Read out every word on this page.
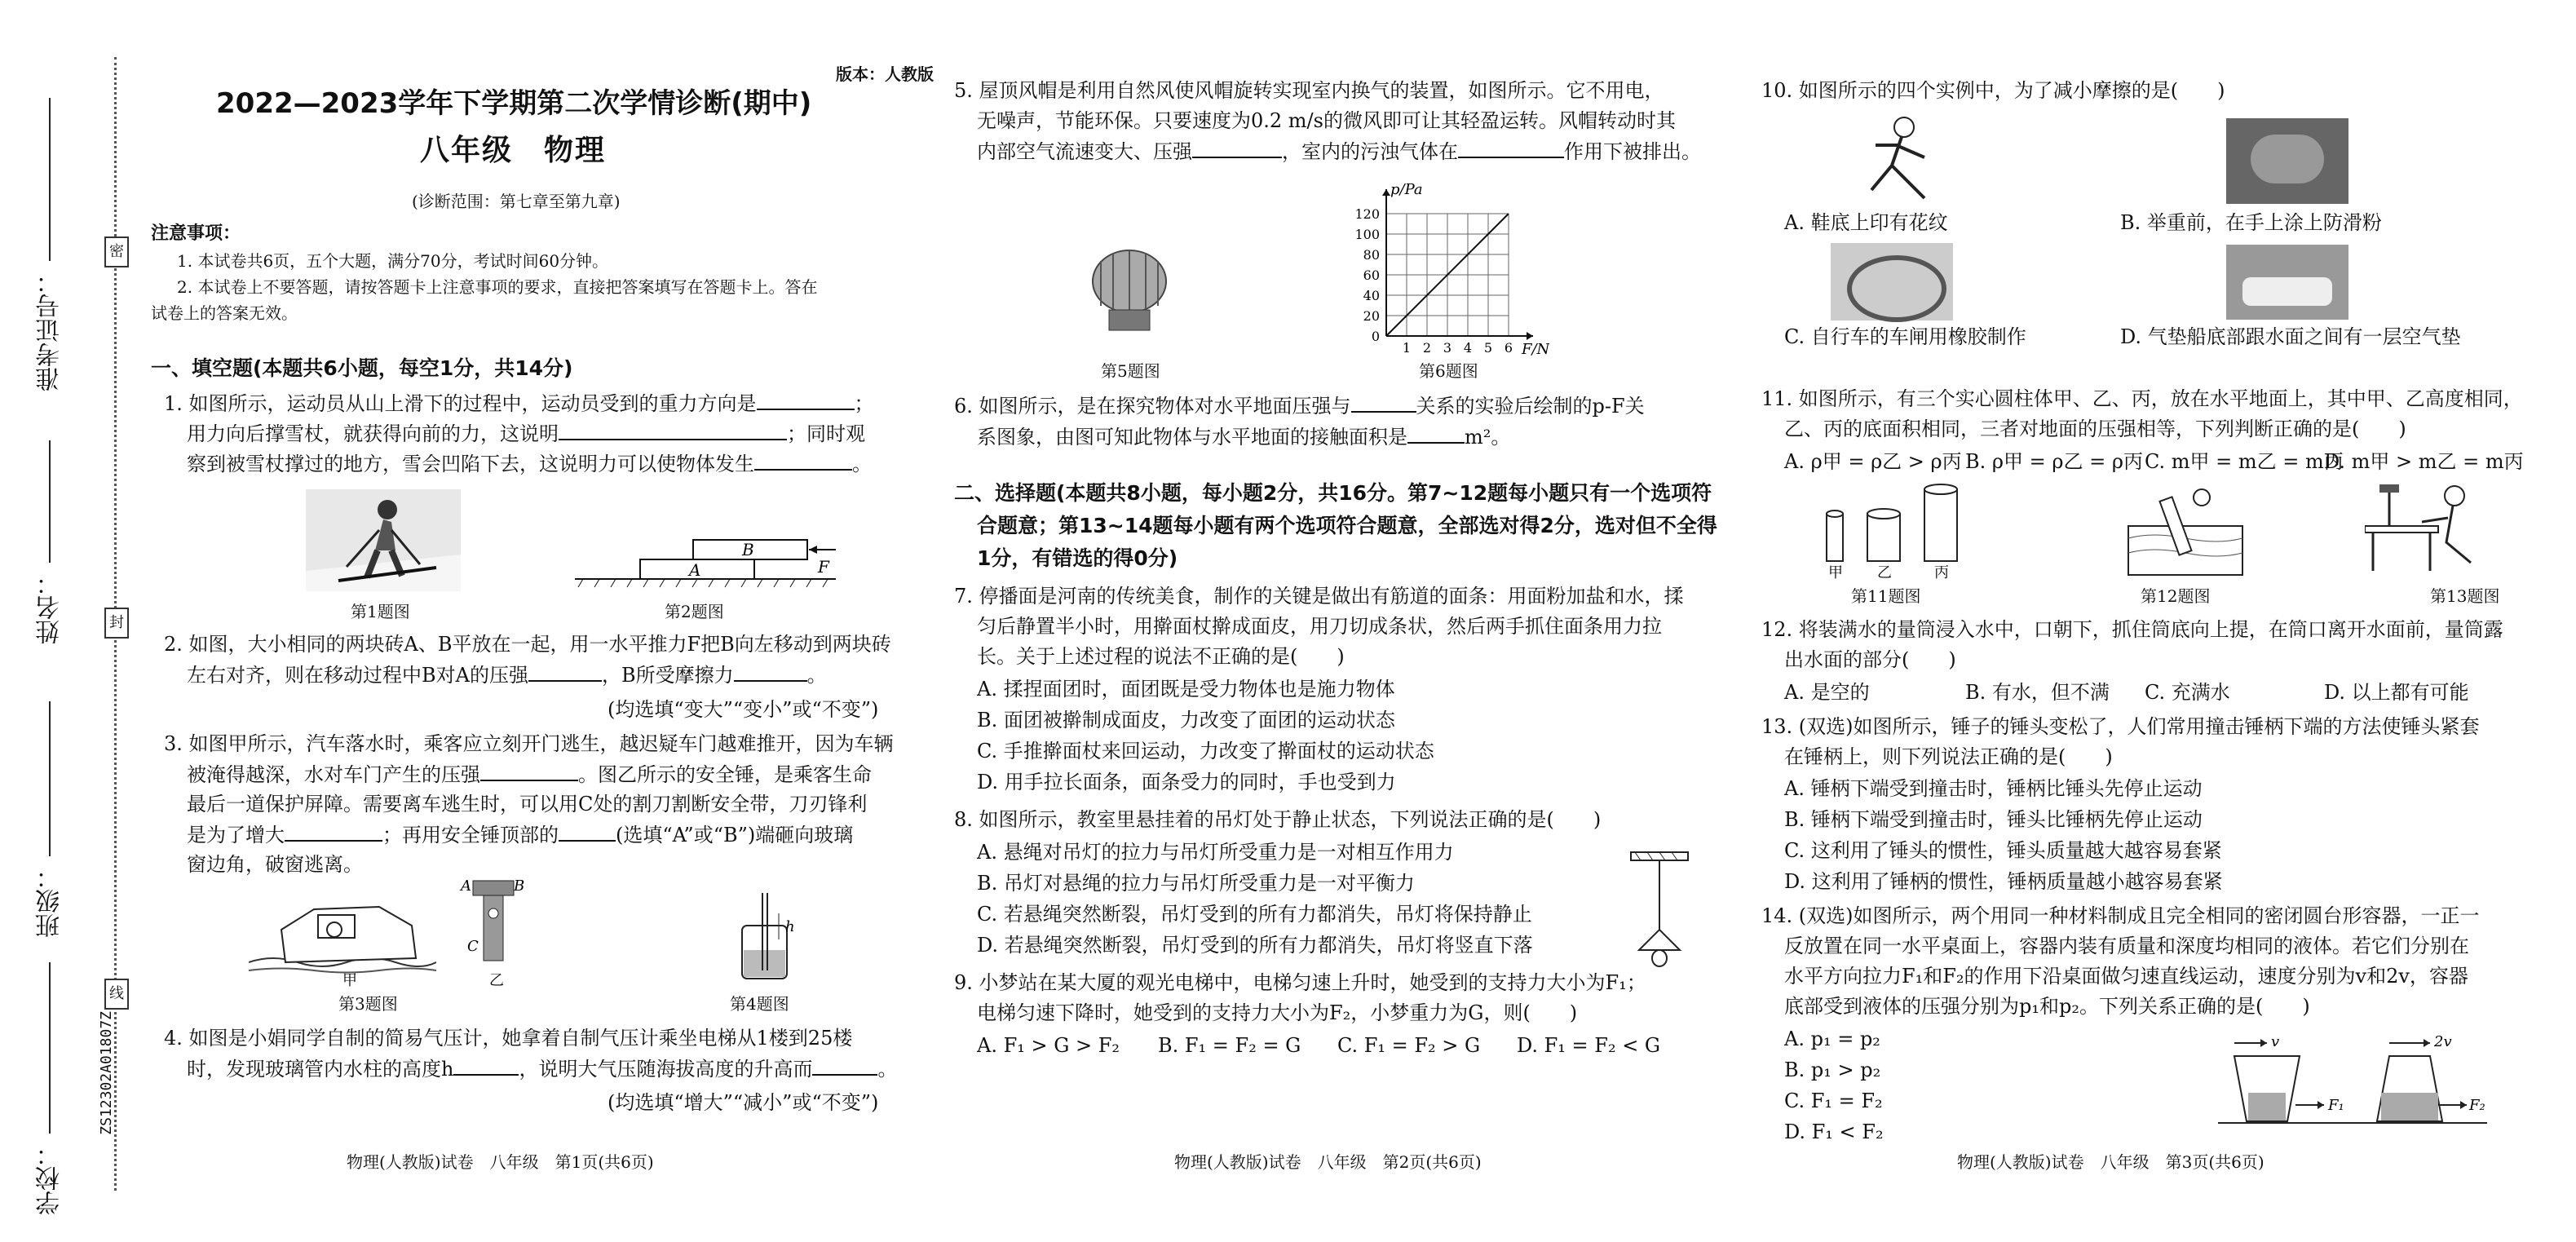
准考证号：
姓名：
班级：
学校：
密
封
线
ZS12302A01807Z
版本：人教版
2022—2023学年下学期第二次学情诊断(期中)
八年级　物理
(诊断范围：第七章至第九章)
注意事项：
1. 本试卷共6页，五个大题，满分70分，考试时间60分钟。
2. 本试卷上不要答题，请按答题卡上注意事项的要求，直接把答案填写在答题卡上。答在
试卷上的答案无效。
一、填空题(本题共6小题，每空1分，共14分)
1. 如图所示，运动员从山上滑下的过程中，运动员受到的重力方向是	；
用力向后撑雪杖，就获得向前的力，这说明	；同时观
察到被雪杖撑过的地方，雪会凹陷下去，这说明力可以使物体发生	。
第1题图
B
A	F
第2题图
2. 如图，大小相同的两块砖A、B平放在一起，用一水平推力F把B向左移动到两块砖
左右对齐，则在移动过程中B对A的压强	，B所受摩擦力	。
(均选填“变大”“变小”或“不变”)
3. 如图甲所示，汽车落水时，乘客应立刻开门逃生，越迟疑车门越难推开，因为车辆
被淹得越深，水对车门产生的压强	。图乙所示的安全锤，是乘客生命
最后一道保护屏障。需要离车逃生时，可以用C处的割刀割断安全带，刀刃锋利
是为了增大	；再用安全锤顶部的	(选填“A”或“B”)端砸向玻璃
窗边角，破窗逃离。
甲
A	B
C
乙
第3题图
h
第4题图
4. 如图是小娟同学自制的简易气压计，她拿着自制气压计乘坐电梯从1楼到25楼
时，发现玻璃管内水柱的高度h	，说明大气压随海拔高度的升高而	。
(均选填“增大”“减小”或“不变”)
物理(人教版)试卷　八年级　第1页(共6页)
5. 屋顶风帽是利用自然风使风帽旋转实现室内换气的装置，如图所示。它不用电，
无噪声，节能环保。只要速度为0.2 m/s的微风即可让其轻盈运转。风帽转动时其
内部空气流速变大、压强	，室内的污浊气体在	作用下被排出。
第5题图
p/Pa
F/N
120
100
80
60
40
20
0
1 2 3 4 5 6
第6题图
6. 如图所示，是在探究物体对水平地面压强与	关系的实验后绘制的p-F关
系图象，由图可知此物体与水平地面的接触面积是	m²。
二、选择题(本题共8小题，每小题2分，共16分。第7~12题每小题只有一个选项符
合题意；第13~14题每小题有两个选项符合题意，全部选对得2分，选对但不全得
1分，有错选的得0分)
7. 停播面是河南的传统美食，制作的关键是做出有筋道的面条：用面粉加盐和水，揉
匀后静置半小时，用擀面杖擀成面皮，用刀切成条状，然后两手抓住面条用力拉
长。关于上述过程的说法不正确的是(　　)
A. 揉捏面团时，面团既是受力物体也是施力物体
B. 面团被擀制成面皮，力改变了面团的运动状态
C. 手推擀面杖来回运动，力改变了擀面杖的运动状态
D. 用手拉长面条，面条受力的同时，手也受到力
8. 如图所示，教室里悬挂着的吊灯处于静止状态，下列说法正确的是(　　)
A. 悬绳对吊灯的拉力与吊灯所受重力是一对相互作用力
B. 吊灯对悬绳的拉力与吊灯所受重力是一对平衡力
C. 若悬绳突然断裂，吊灯受到的所有力都消失，吊灯将保持静止
D. 若悬绳突然断裂，吊灯受到的所有力都消失，吊灯将竖直下落
9. 小梦站在某大厦的观光电梯中，电梯匀速上升时，她受到的支持力大小为F₁；
电梯匀速下降时，她受到的支持力大小为F₂，小梦重力为G，则(　　)
A. F₁ > G > F₂ B. F₁ = F₂ = G C. F₁ = F₂ > G D. F₁ = F₂ < G
物理(人教版)试卷　八年级　第2页(共6页)
10. 如图所示的四个实例中，为了减小摩擦的是(　　)
A. 鞋底上印有花纹	B. 举重前，在手上涂上防滑粉
C. 自行车的车闸用橡胶制作	D. 气垫船底部跟水面之间有一层空气垫
11. 如图所示，有三个实心圆柱体甲、乙、丙，放在水平地面上，其中甲、乙高度相同，
乙、丙的底面积相同，三者对地面的压强相等，下列判断正确的是(　　)
A. ρ甲 = ρ乙 > ρ丙 B. ρ甲 = ρ乙 = ρ丙 C. m甲 = m乙 = m丙
D. m甲 > m乙 = m丙
甲 乙	丙
第11题图	第12题图	第13题图
12. 将装满水的量筒浸入水中，口朝下，抓住筒底向上提，在筒口离开水面前，量筒露
出水面的部分(　　)
A. 是空的	B. 有水，但不满 C. 充满水	D. 以上都有可能
13. (双选)如图所示，锤子的锤头变松了，人们常用撞击锤柄下端的方法使锤头紧套
在锤柄上，则下列说法正确的是(　　)
A. 锤柄下端受到撞击时，锤柄比锤头先停止运动
B. 锤柄下端受到撞击时，锤头比锤柄先停止运动
C. 这利用了锤头的惯性，锤头质量越大越容易套紧
D. 这利用了锤柄的惯性，锤柄质量越小越容易套紧
14. (双选)如图所示，两个用同一种材料制成且完全相同的密闭圆台形容器，一正一
反放置在同一水平桌面上，容器内装有质量和深度均相同的液体。若它们分别在
水平方向拉力F₁和F₂的作用下沿桌面做匀速直线运动，速度分别为v和2v，容器
底部受到液体的压强分别为p₁和p₂。下列关系正确的是(　　)
A. p₁ = p₂
B. p₁ > p₂
C. F₁ = F₂
D. F₁ < F₂
v	2v
F₁	F₂
物理(人教版)试卷　八年级　第3页(共6页)
